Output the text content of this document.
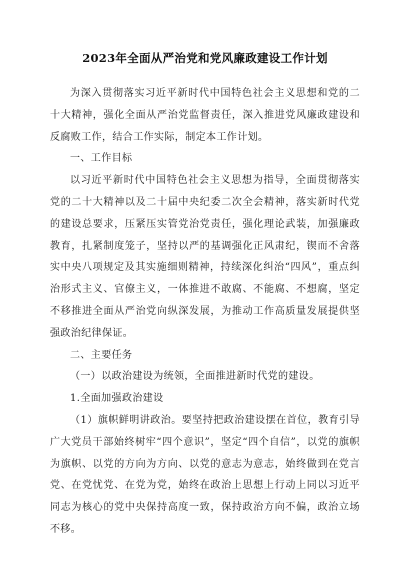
2023年全面从严治党和党风廉政建设工作计划

为深入贯彻落实习近平新时代中国特色社会主义思想和党的二十大精神，强化全面从严治党监督责任，深入推进党风廉政建设和反腐败工作，结合工作实际，制定本工作计划。

一、工作目标

以习近平新时代中国特色社会主义思想为指导，全面贯彻落实党的二十大精神以及二十届中央纪委二次全会精神，落实新时代党的建设总要求，压紧压实管党治党责任，强化理论武装，加强廉政教育，扎紧制度笼子，坚持以严的基调强化正风肃纪，锲而不舍落实中央八项规定及其实施细则精神，持续深化纠治“四风”，重点纠治形式主义、官僚主义，一体推进不敢腐、不能腐、不想腐，坚定不移推进全面从严治党向纵深发展，为推动工作高质量发展提供坚强政治纪律保证。

二、主要任务

（一）以政治建设为统领，全面推进新时代党的建设。

1.全面加强政治建设

（1）旗帜鲜明讲政治。要坚持把政治建设摆在首位，教育引导广大党员干部始终树牢“四个意识”，坚定“四个自信”，以党的旗帜为旗帜、以党的方向为方向、以党的意志为意志，始终做到在党言党、在党忧党、在党为党，始终在政治上思想上行动上同以习近平同志为核心的党中央保持高度一致，保持政治方向不偏，政治立场不移。
